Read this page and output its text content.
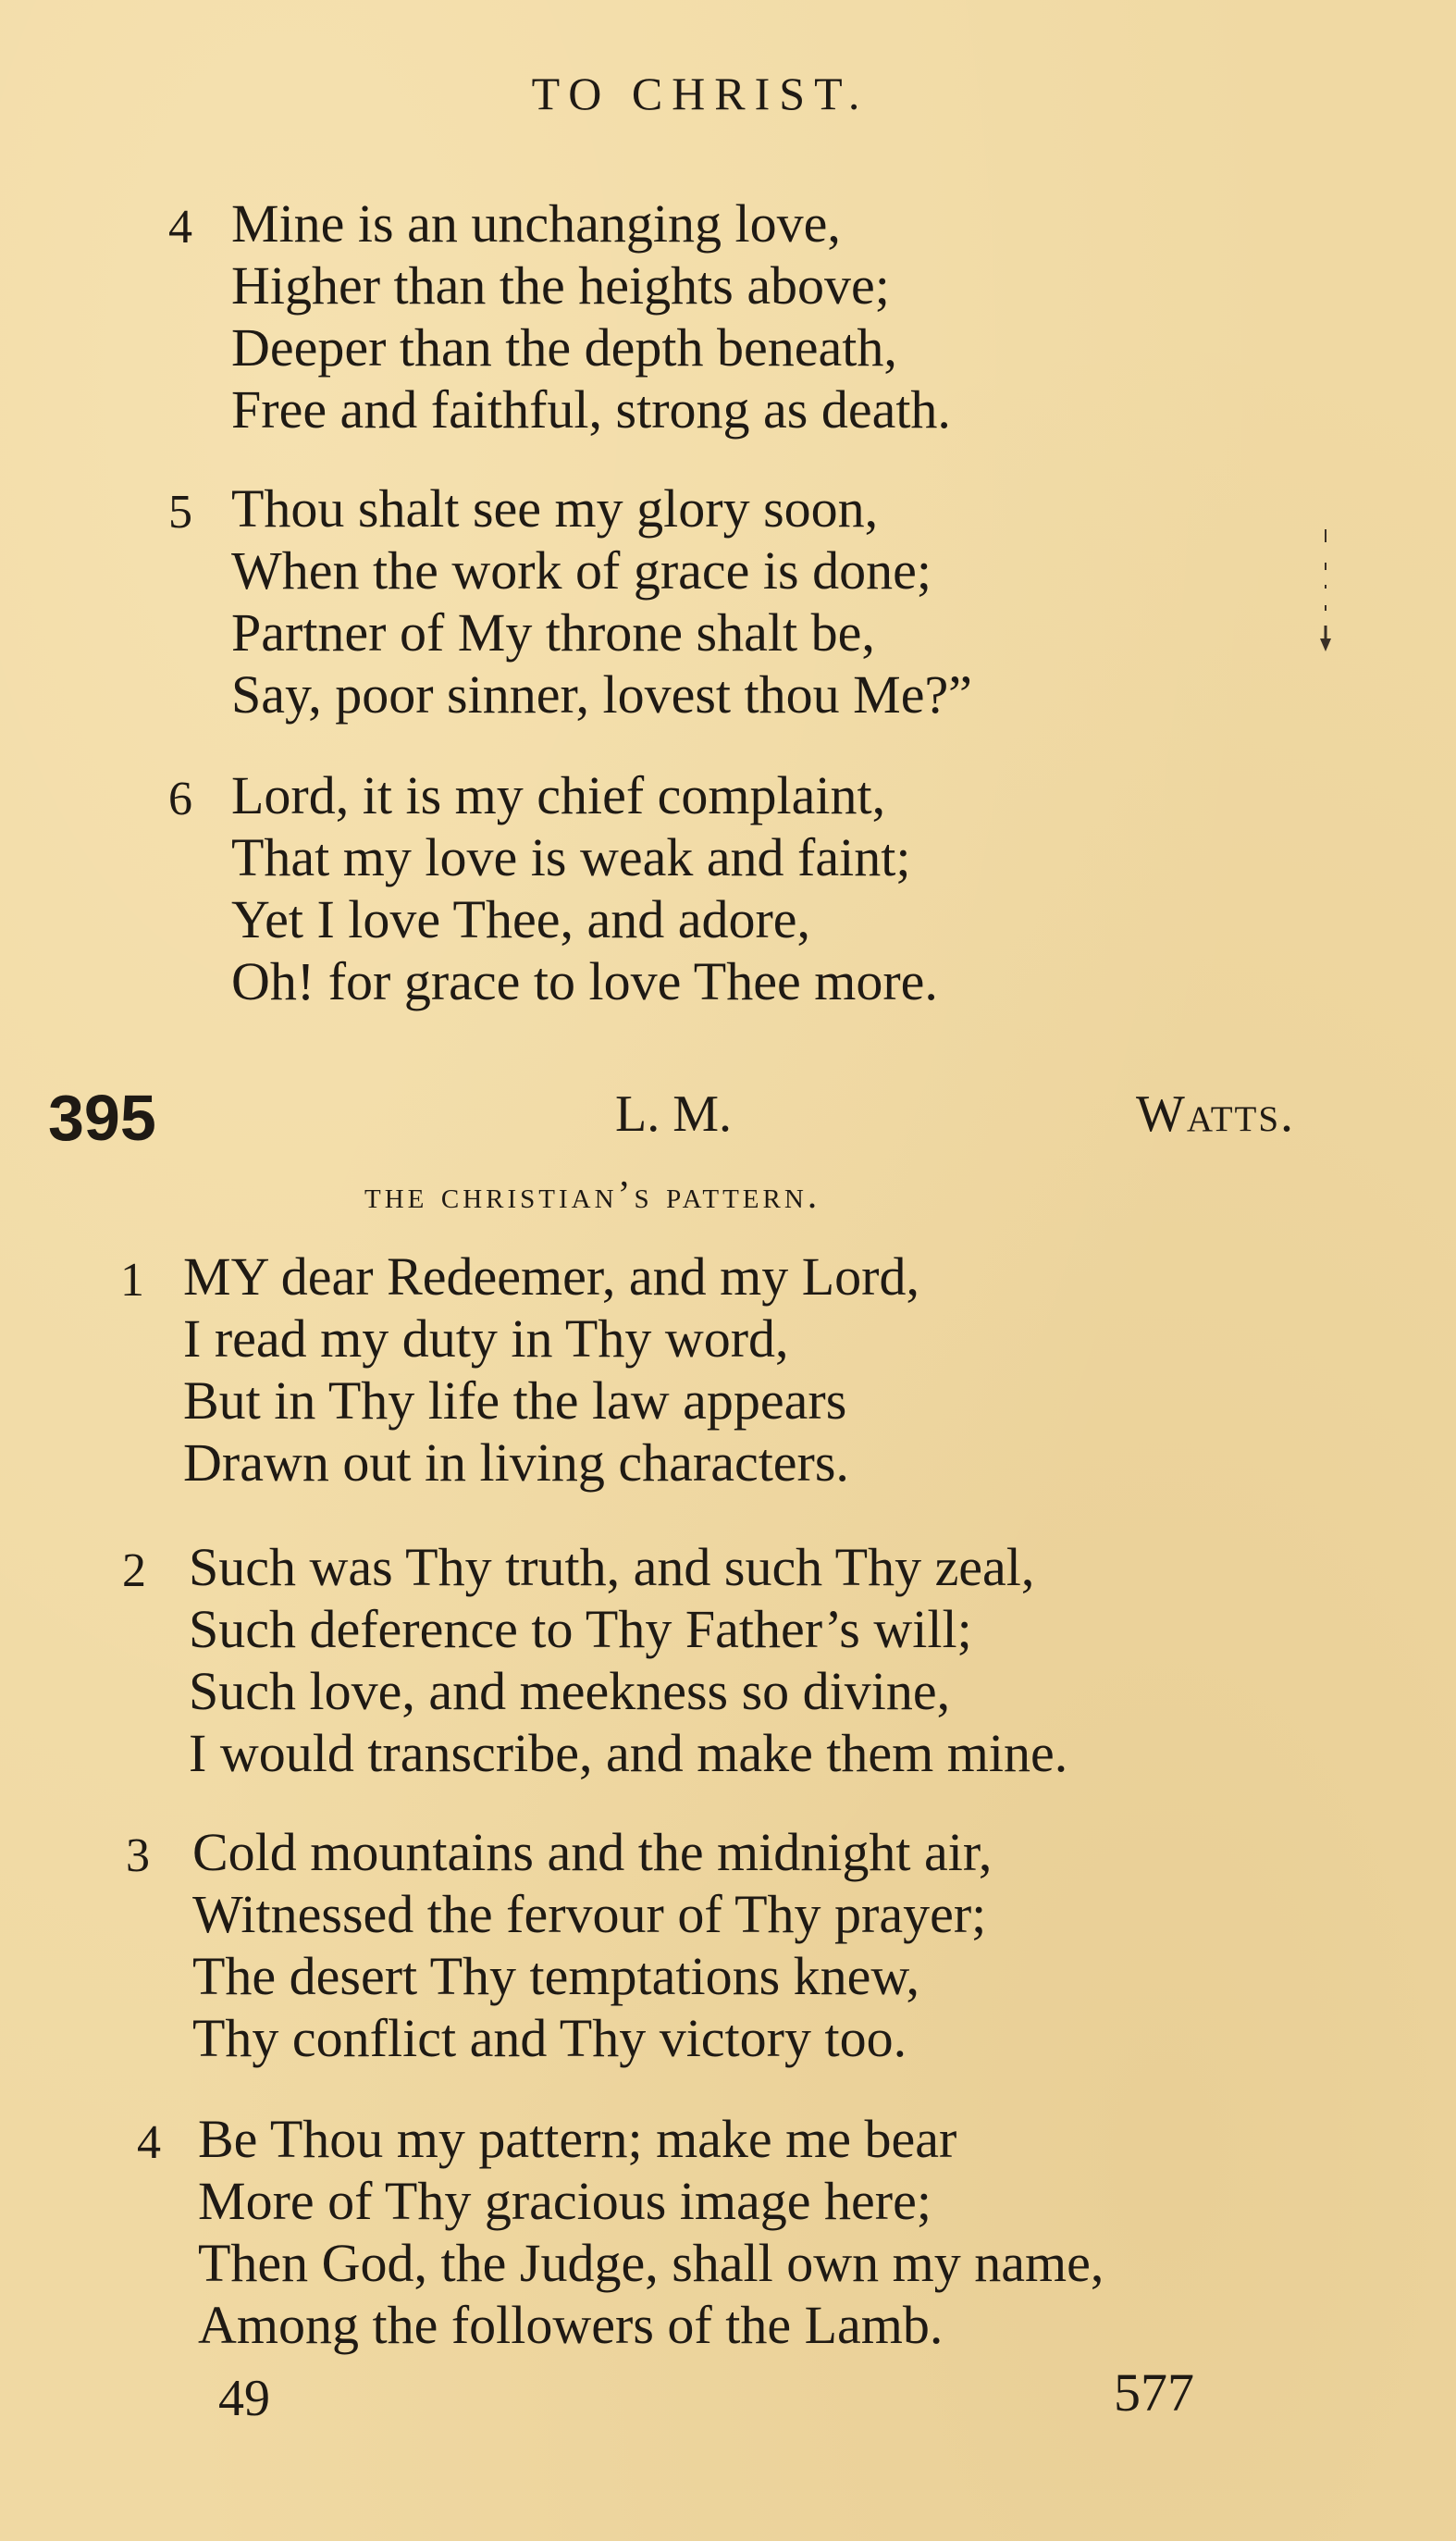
TO CHRIST.
4 Mine is an unchanging love,
Higher than the heights above;
Deeper than the depth beneath,
Free and faithful, strong as death.
5 Thou shalt see my glory soon,
When the work of grace is done;
Partner of My throne shalt be,
Say, poor sinner, lovest thou Me?”
6 Lord, it is my chief complaint,
That my love is weak and faint;
Yet I love Thee, and adore,
Oh! for grace to love Thee more.
395	L. M.	Watts.
the christian’s pattern.
1 MY dear Redeemer, and my Lord,
I read my duty in Thy word,
But in Thy life the law appears
Drawn out in living characters.
2 Such was Thy truth, and such Thy zeal,
Such deference to Thy Father’s will;
Such love, and meekness so divine,
I would transcribe, and make them mine.
3 Cold mountains and the midnight air,
Witnessed the fervour of Thy prayer;
The desert Thy temptations knew,
Thy conflict and Thy victory too.
4 Be Thou my pattern; make me bear
More of Thy gracious image here;
Then God, the Judge, shall own my name,
Among the followers of the Lamb.
49	577
